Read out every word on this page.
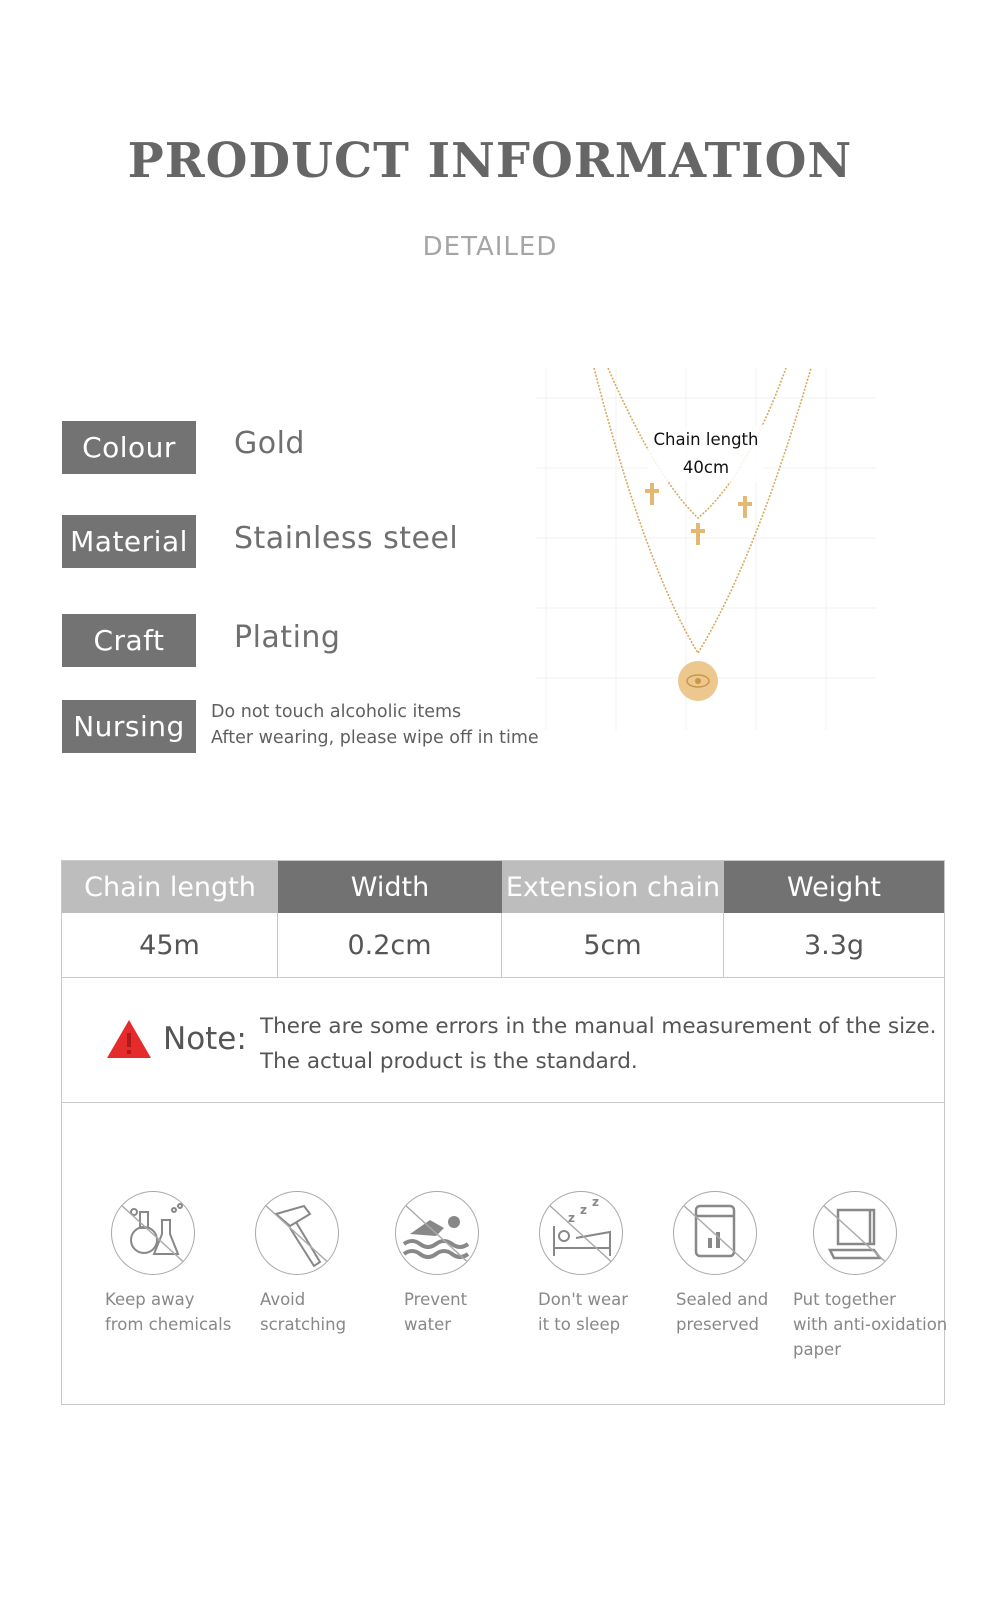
PRODUCT INFORMATION
DETAILED
Colour	Gold
Material Stainless steel
Craft	Plating
Nursing	Do not touch alcoholic items
After wearing, please wipe off in time
Chain length
40cm
Chain length	Width	Extension chain	Weight
45m	0.2cm	5cm	3.3g
Note: There are some errors in the manual measurement of the size.
The actual product is the standard.
Keep away
from chemicals
Avoid
scratching
Prevent
water
z
z
z
Don't wear
it to sleep
Sealed and
preserved
Put together
with anti-oxidation
paper
